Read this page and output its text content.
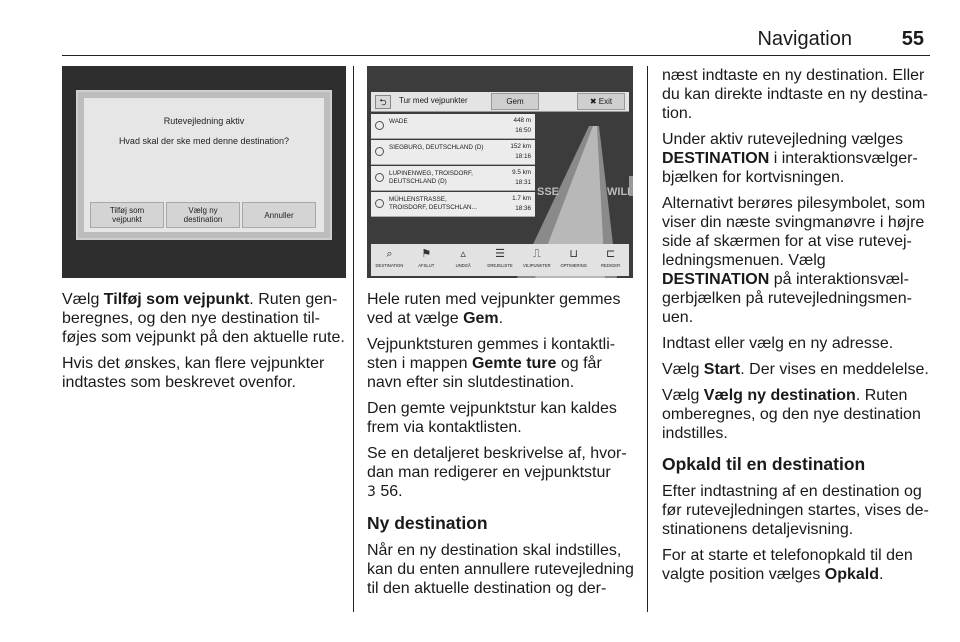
Navigation 55
Rutevejledning aktiv
Hvad skal der ske med denne destination?
Tilføj som vejpunkt
Vælg ny destination	Annuller
SSE	WILI
⮌	Tur med vejpunkter	Gem	✖ Exit
WADE	448 m
16:50
SIEGBURG, DEUTSCHLAND (D)	152 km
18:16
LUPINENWEG, TROISDORF, DEUTSCHLAND (D)
9.5 km
18:31
MÜHLENSTRASSE, TROISDORF, DEUTSCHLAN...
1.7 km
18:36
⌕
DESTINATION
⚑
AFSLUT
▵
UNDGÅ
☰
DREJELISTE
⎍
VEJPUNKTER
⊔
OPTIMERING
⊏
REDIGER

Vælg Tilføj som vejpunkt. Ruten genberegnes, og den nye destination tilføjes som vejpunkt på den aktuelle rute.

Hvis det ønskes, kan flere vejpunkter indtastes som beskrevet ovenfor.

Hele ruten med vejpunkter gemmes ved at vælge Gem.

Vejpunktsturen gemmes i kontaktlisten i mappen Gemte ture og får navn efter sin slutdestination.

Den gemte vejpunktstur kan kaldes frem via kontaktlisten.

Se en detaljeret beskrivelse af, hvordan man redigerer en vejpunktstur
3 56.

Ny destination

Når en ny destination skal indstilles, kan du enten annullere rutevejledning til den aktuelle destination og der-

næst indtaste en ny destination. Eller du kan direkte indtaste en ny destination.

Under aktiv rutevejledning vælges DESTINATION i interaktionsvælgerbjælken for kortvisningen.

Alternativt berøres pilesymbolet, som viser din næste svingmanøvre i højre side af skærmen for at vise rutevejledningsmenuen. Vælg DESTINATION på interaktionsvælgerbjælken på rutevejledningsmenuen.

Indtast eller vælg en ny adresse.

Vælg Start. Der vises en meddelelse.

Vælg Vælg ny destination. Ruten omberegnes, og den nye destination indstilles.

Opkald til en destination

Efter indtastning af en destination og før rutevejledningen startes, vises destinationens detaljevisning.

For at starte et telefonopkald til den valgte position vælges Opkald.
